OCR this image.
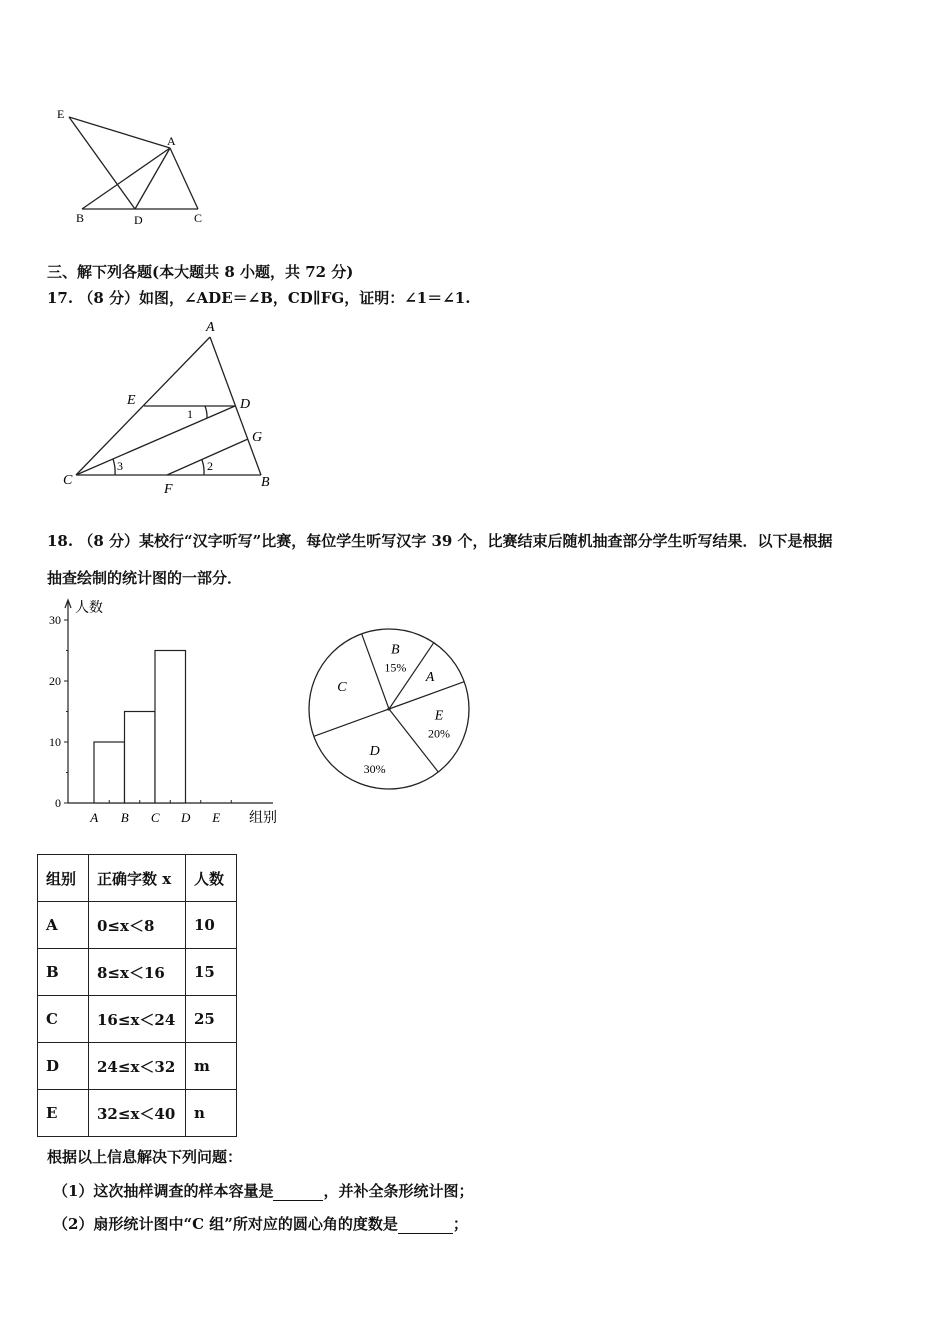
E
A
B	D	C
三、解下列各题(本大题共 8 小题，共 72 分)
17. （8 分）如图，∠ADE＝∠B，CD∥FG，证明：∠1＝∠1.
A
E	D
G
C
F	B
1
2
3
18. （8 分）某校行“汉字听写”比赛，每位学生听写汉字 39 个，比赛结束后随机抽查部分学生听写结果．以下是根据
抽查绘制的统计图的一部分．
0
10
20
30
人数
A B C D E 组别
B
15%
A
E
20%
D
30%
C
组别	正确字数 x	人数
A	0≤x＜8	10
B	8≤x＜16	15
C	16≤x＜24	25
D	24≤x＜32	m
E	32≤x＜40	n
根据以上信息解决下列问题：
（1）这次抽样调查的样本容量是	，并补全条形统计图；
（2）扇形统计图中“C 组”所对应的圆心角的度数是	；
